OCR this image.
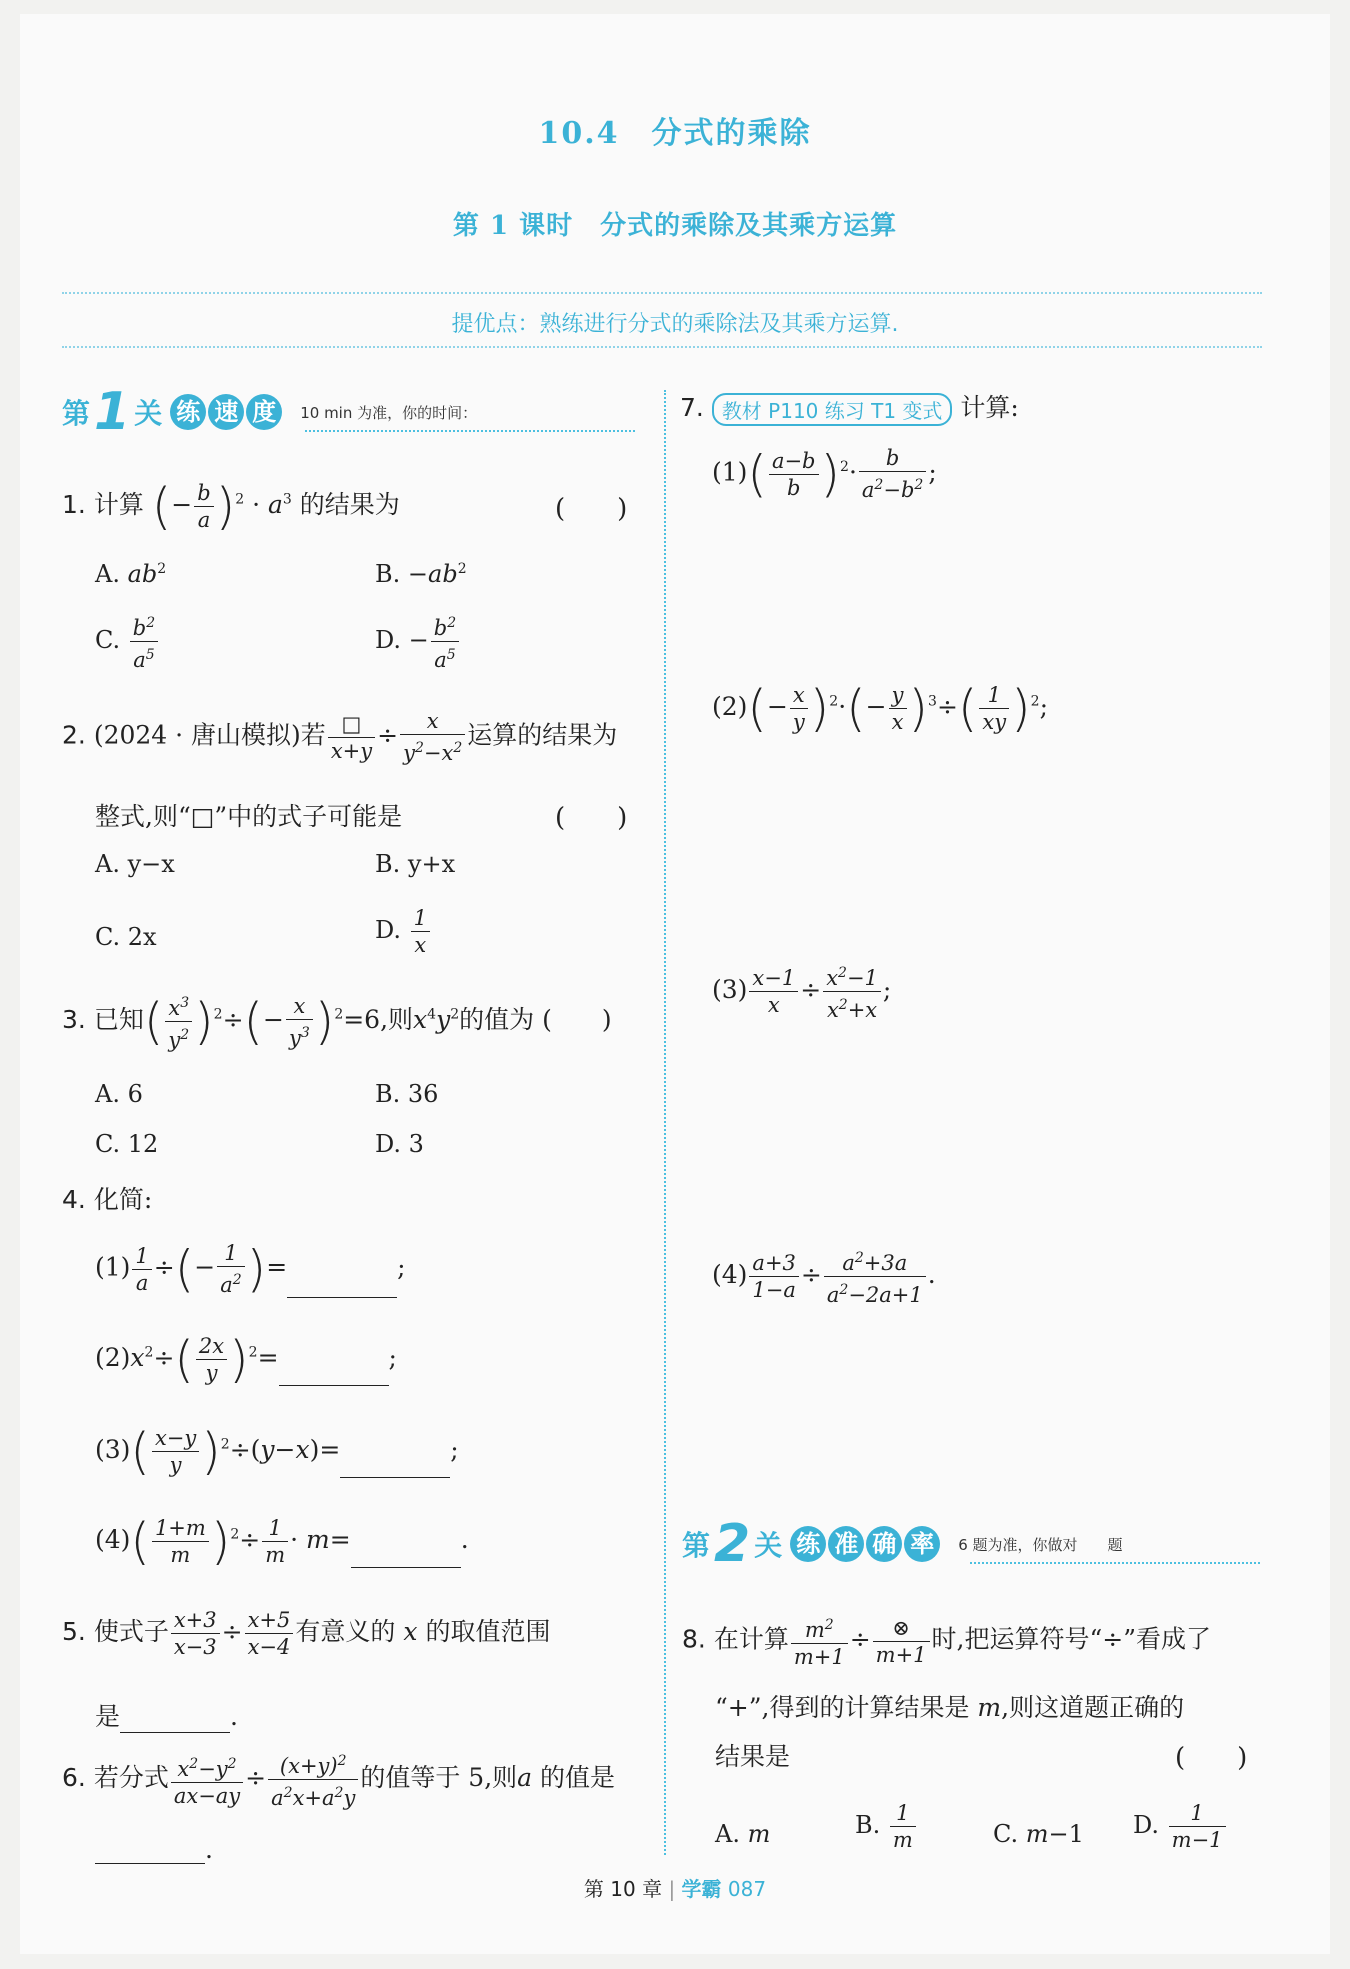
10.4　分式的乘除
第 1 课时　分式的乘除及其乘方运算
提优点：熟练进行分式的乘除法及其乘方运算.
第 1 关 练 速 度	10 min 为准，你的时间：
1. 计算 (− $\frac{b}{a} )^2 \cdot a^3$ 的结果为	(　　)
A. $ab^2$	B. $-ab^2$
C. $\frac{b^2}{a^5}$	D. − $\frac{b^2}{a^5}$
2. (2024 · 唐山模拟)若 □
x+y
÷ $\frac{x}{y^2-x^2}$ 运算的结果为
整式,则“□”中的式子可能是	(　　)
A. y−x	B. y+x
C. 2x	D. $\frac{1}{x}$
3. 已知( $\frac{x^3}{y^2} )^2\div(- \frac{x}{y^3} )^2=6$,则$x^4y^2$的值为 (　　)
A. 6	B. 36
C. 12	D. 3
4. 化简:
$(1) \frac{1}{a}$ ÷(− $\frac{1}{a^2}$ )=	;
$(2)x^2\div( \frac{2x}{y} )^2=$	;
$(3)( \frac{x-y}{y} )^2\div(y-x)=$	;
$(4)( \frac{1+m}{m} )^2\div \frac{1}{m} \cdot m=$	.
5. 使式子 $\frac{x+3}{x-3} \div \frac{x+5}{x-4}$ 有意义的 x 的取值范围
是	.
6. 若分式 $\frac{x^2-y^2}{ax-ay} \div \frac{(x+y)^2}{a^2x+a^2y}$ 的值等于 5,则a 的值是
.
7. 教材 P110 练习 T1 变式 计算:
$(1)( \frac{a-b}{b} )^2\cdot \frac{b}{a^2-b^2}$ ;
$(2)(- \frac{x}{y} )^2\cdot(- \frac{y}{x} )^3\div( \frac{1}{xy} )^2$;
$(3) \frac{x-1}{x} \div \frac{x^2-1}{x^2+x}$ ;
$(4) \frac{a+3}{1-a} \div \frac{a^2+3a}{a^2-2a+1}$ .
第 2 关 练 准 确 率	6 题为准，你做对　　题
8. 在计算 $\frac{m^2}{m+1}$ ÷	⊗
m+1
时,把运算符号“÷”看成了
“+”,得到的计算结果是 m,则这道题正确的
结果是	(　　)
A. m	B. $\frac{1}{m}$	C. m−1 D. $\frac{1}{m-1}$
第 10 章 | 学霸 087
